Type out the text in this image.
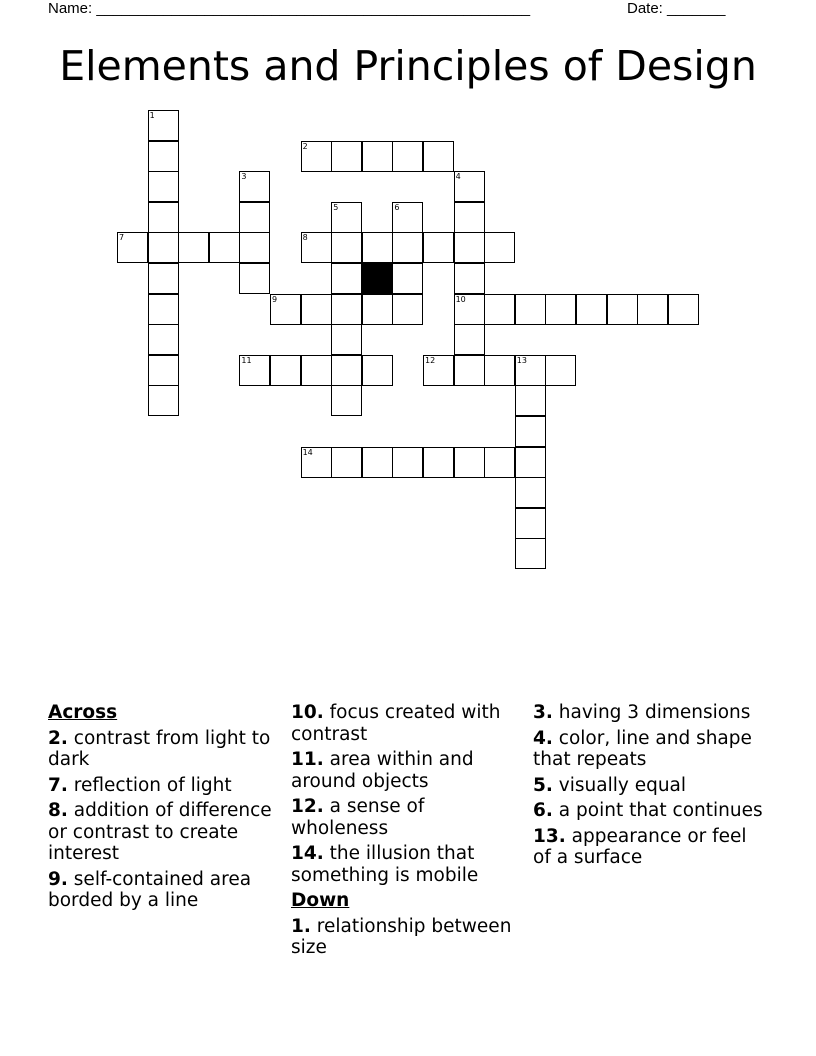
Name: ____________________________________________________	Date: _______
Elements and Principles of Design
1
2
3	4
5	6
7	8
9	10
11	12	13
14
Across
2. contrast from light to dark
7. reflection of light
8. addition of difference or contrast to create interest
9. self-contained area borded by a line
10. focus created with contrast
11. area within and around objects
12. a sense of wholeness
14. the illusion that something is mobile
Down
1. relationship between size
3. having 3 dimensions
4. color, line and shape that repeats
5. visually equal
6. a point that continues
13. appearance or feel of a surface
